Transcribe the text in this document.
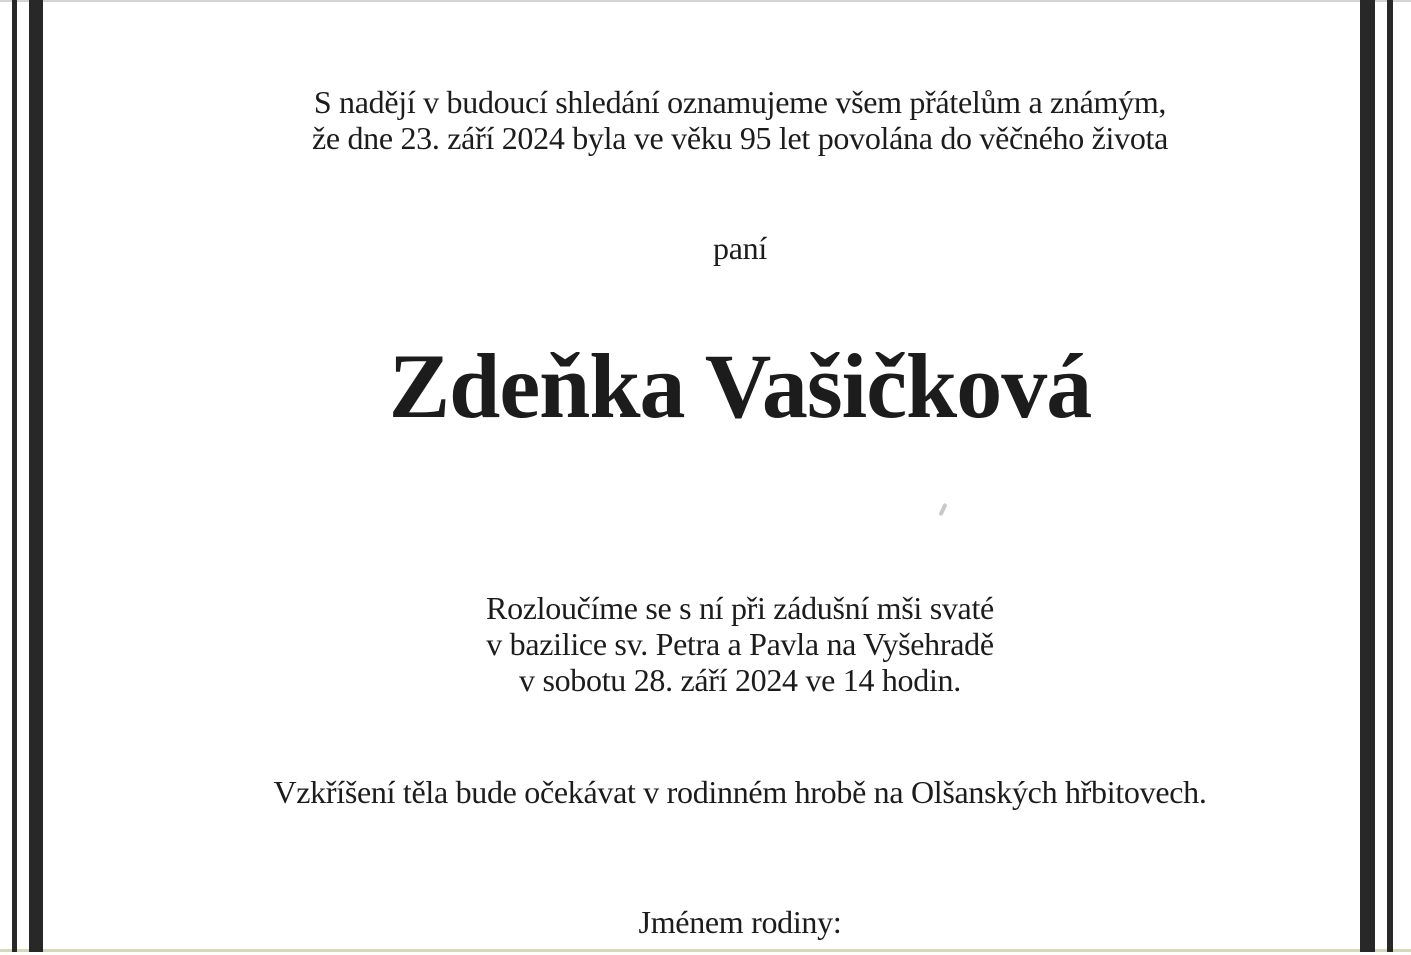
S nadějí v budoucí shledání oznamujeme všem přátelům a známým,
že dne 23. září 2024 byla ve věku 95 let povolána do věčného života
paní
Zdeňka Vašičková
Rozloučíme se s ní při zádušní mši svaté
v bazilice sv. Petra a Pavla na Vyšehradě
v sobotu 28. září 2024 ve 14 hodin.
Vzkříšení těla bude očekávat v rodinném hrobě na Olšanských hřbitovech.
Jménem rodiny:
